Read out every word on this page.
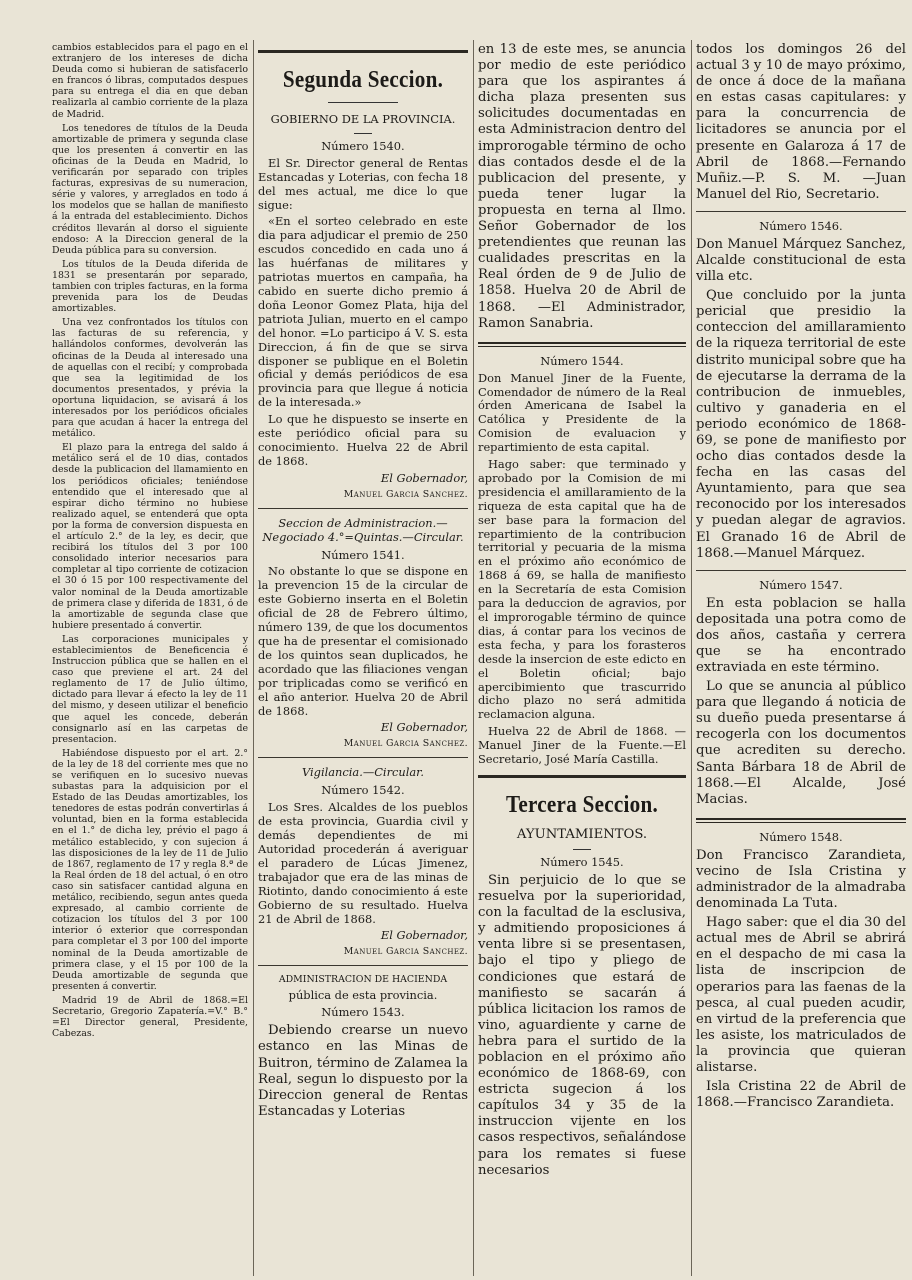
cambios establecidos para el pago en el extranjero de los intereses de dicha Deuda como si hubieran de satisfacerlo en francos ó libras, computados despues para su entrega el dia en que deban realizarla al cambio corriente de la plaza de Madrid.

Los tenedores de títulos de la Deuda amortizable de primera y segunda clase que los presenten á convertir en las oficinas de la Deuda en Madrid, lo verificarán por separado con triples facturas, expresivas de su numeracion, série y valores, y arreglados en todo á los modelos que se hallan de manifiesto á la entrada del establecimiento. Dichos créditos llevarán al dorso el siguiente endoso: A la Direccion general de la Deuda pública para su conversion.

Los títulos de la Deuda diferida de 1831 se presentarán por separado, tambien con triples facturas, en la forma prevenida para los de Deudas amortizables.

Una vez confrontados los títulos con las facturas de su referencia, y hallándolos conformes, devolverán las oficinas de la Deuda al interesado una de aquellas con el recibí; y comprobada que sea la legitimidad de los documentos presentados, y prévia la oportuna liquidacion, se avisará á los interesados por los periódicos oficiales para que acudan á hacer la entrega del metálico.

El plazo para la entrega del saldo á metálico será el de 10 dias, contados desde la publicacion del llamamiento en los periódicos oficiales; teniéndose entendido que el interesado que al espirar dicho término no hubiese realizado aquel, se entenderá que opta por la forma de conversion dispuesta en el artículo 2.° de la ley, es decir, que recibirá los títulos del 3 por 100 consolidado interior necesarios para completar al tipo corriente de cotizacion el 30 ó 15 por 100 respectivamente del valor nominal de la Deuda amortizable de primera clase y diferida de 1831, ó de la amortizable de segunda clase que hubiere presentado á convertir.

Las corporaciones municipales y establecimientos de Beneficencia é Instruccion pública que se hallen en el caso que previene el art. 24 del reglamento de 17 de Julio último, dictado para llevar á efecto la ley de 11 del mismo, y deseen utilizar el beneficio que aquel les concede, deberán consignarlo así en las carpetas de presentacion.

Habiéndose dispuesto por el art. 2.° de la ley de 18 del corriente mes que no se verifiquen en lo sucesivo nuevas subastas para la adquisicion por el Estado de las Deudas amortizables, los tenedores de estas podrán convertirlas á voluntad, bien en la forma establecida en el 1.° de dicha ley, prévio el pago á metálico establecido, y con sujecion á las disposiciones de la ley de 11 de Julio de 1867, reglamento de 17 y regla 8.ª de la Real órden de 18 del actual, ó en otro caso sin satisfacer cantidad alguna en metálico, recibiendo, segun antes queda expresado, al cambio corriente de cotizacion los títulos del 3 por 100 interior ó exterior que correspondan para completar el 3 por 100 del importe nominal de la Deuda amortizable de primera clase, y el 15 por 100 de la Deuda amortizable de segunda que presenten á convertir.

Madrid 19 de Abril de 1868.=El Secretario, Gregorio Zapatería.=V.° B.° =El Director general, Presidente, Cabezas.

Segunda Seccion.
GOBIERNO DE LA PROVINCIA.
Número 1540.

El Sr. Director general de Rentas Estancadas y Loterias, con fecha 18 del mes actual, me dice lo que sigue:

«En el sorteo celebrado en este dia para adjudicar el premio de 250 escudos concedido en cada uno á las huérfanas de militares y patriotas muertos en campaña, ha cabido en suerte dicho premio á doña Leonor Gomez Plata, hija del patriota Julian, muerto en el campo del honor. =Lo participo á V. S. esta Direccion, á fin de que se sirva disponer se publique en el Boletin oficial y demás periódicos de esa provincia para que llegue á noticia de la interesada.»

Lo que he dispuesto se inserte en este periódico oficial para su conocimiento. Huelva 22 de Abril de 1868.

El Gobernador,

Manuel Garcia Sanchez.

Seccion de Administracion.—Negociado 4.°=Quintas.—Circular.

Número 1541.

No obstante lo que se dispone en la prevencion 15 de la circular de este Gobierno inserta en el Boletin oficial de 28 de Febrero último, número 139, de que los documentos que ha de presentar el comisionado de los quintos sean duplicados, he acordado que las filiaciones vengan por triplicadas como se verificó en el año anterior. Huelva 20 de Abril de 1868.

El Gobernador,

Manuel Garcia Sanchez.

Vigilancia.—Circular.

Número 1542.

Los Sres. Alcaldes de los pueblos de esta provincia, Guardia civil y demás dependientes de mi Autoridad procederán á averiguar el paradero de Lúcas Jimenez, trabajador que era de las minas de Riotinto, dando conocimiento á este Gobierno de su resultado. Huelva 21 de Abril de 1868.

El Gobernador,

Manuel Garcia Sanchez.

ADMINISTRACION DE HACIENDA

pública de esta provincia.

Número 1543.

Debiendo crearse un nuevo estanco en las Minas de Buitron, término de Zalamea la Real, segun lo dispuesto por la Direccion general de Rentas Estancadas y Loterias

en 13 de este mes, se anuncia por medio de este periódico para que los aspirantes á dicha plaza presenten sus solicitudes documentadas en esta Administracion dentro del improrogable término de ocho dias contados desde el de la publicacion del presente, y pueda tener lugar la propuesta en terna al Ilmo. Señor Gobernador de los pretendientes que reunan las cualidades prescritas en la Real órden de 9 de Julio de 1858. Huelva 20 de Abril de 1868. —El Administrador, Ramon Sanabria.

Número 1544.

Don Manuel Jiner de la Fuente, Comendador de número de la Real órden Americana de Isabel la Católica y Presidente de la Comision de evaluacion y repartimiento de esta capital.

Hago saber: que terminado y aprobado por la Comision de mi presidencia el amillaramiento de la riqueza de esta capital que ha de ser base para la formacion del repartimiento de la contribucion territorial y pecuaria de la misma en el próximo año económico de 1868 á 69, se halla de manifiesto en la Secretaría de esta Comision para la deduccion de agravios, por el improrogable término de quince dias, á contar para los vecinos de esta fecha, y para los forasteros desde la insercion de este edicto en el Boletin oficial; bajo apercibimiento que trascurrido dicho plazo no será admitida reclamacion alguna.

Huelva 22 de Abril de 1868. —Manuel Jiner de la Fuente.—El Secretario, José María Castilla.

Tercera Seccion.
AYUNTAMIENTOS.
Número 1545.

Sin perjuicio de lo que se resuelva por la superioridad, con la facultad de la esclusiva, y admitiendo proposiciones á venta libre si se presentasen, bajo el tipo y pliego de condiciones que estará de manifiesto se sacarán á pública licitacion los ramos de vino, aguardiente y carne de hebra para el surtido de la poblacion en el próximo año económico de 1868-69, con estricta sugecion á los capítulos 34 y 35 de la instruccion vijente en los casos respectivos, señalándose para los remates si fuese necesarios

todos los domingos 26 del actual 3 y 10 de mayo próximo, de once á doce de la mañana en estas casas capitulares: y para la concurrencia de licitadores se anuncia por el presente en Galaroza á 17 de Abril de 1868.—Fernando Muñiz.—P. S. M. —Juan Manuel del Rio, Secretario.

Número 1546.

Don Manuel Márquez Sanchez, Alcalde constitucional de esta villa etc.

Que concluido por la junta pericial que presidio la conteccion del amillaramiento de la riqueza territorial de este distrito municipal sobre que ha de ejecutarse la derrama de la contribucion de inmuebles, cultivo y ganaderia en el periodo económico de 1868-69, se pone de manifiesto por ocho dias contados desde la fecha en las casas del Ayuntamiento, para que sea reconocido por los interesados y puedan alegar de agravios. El Granado 16 de Abril de 1868.—Manuel Márquez.

Número 1547.

En esta poblacion se halla depositada una potra como de dos años, castaña y cerrera que se ha encontrado extraviada en este término.

Lo que se anuncia al público para que llegando á noticia de su dueño pueda presentarse á recogerla con los documentos que acrediten su derecho. Santa Bárbara 18 de Abril de 1868.—El Alcalde, José Macias.

Número 1548.

Don Francisco Zarandieta, vecino de Isla Cristina y administrador de la almadraba denominada La Tuta.

Hago saber: que el dia 30 del actual mes de Abril se abrirá en el despacho de mi casa la lista de inscripcion de operarios para las faenas de la pesca, al cual pueden acudir, en virtud de la preferencia que les asiste, los matriculados de la provincia que quieran alistarse.

Isla Cristina 22 de Abril de 1868.—Francisco Zarandieta.
